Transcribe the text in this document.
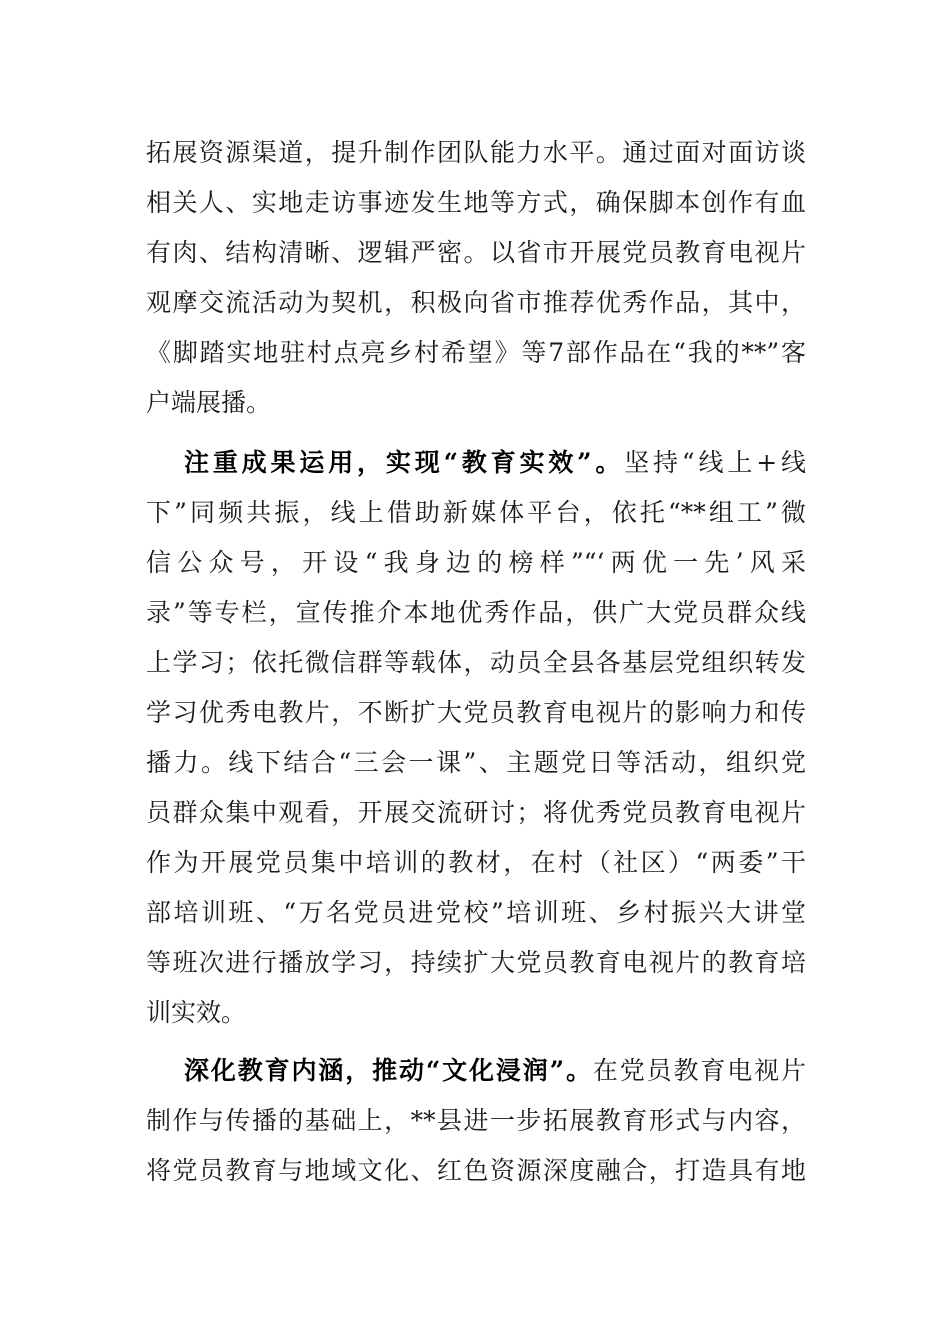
拓展资源渠道，提升制作团队能力水平。通过面对面访谈
相关人、实地走访事迹发生地等方式，确保脚本创作有血
有肉、结构清晰、逻辑严密。以省市开展党员教育电视片
观摩交流活动为契机，积极向省市推荐优秀作品，其中，
《脚踏实地驻村点亮乡村希望》等7部作品在“我的**”客
户端展播。
注重成果运用，实现“教育实效”。坚持“线上+线
下”同频共振，线上借助新媒体平台，依托“**组工”微
信公众号，开设“我身边的榜样”“‘两优一先’风采
录”等专栏，宣传推介本地优秀作品，供广大党员群众线
上学习；依托微信群等载体，动员全县各基层党组织转发
学习优秀电教片，不断扩大党员教育电视片的影响力和传
播力。线下结合“三会一课”、主题党日等活动，组织党
员群众集中观看，开展交流研讨；将优秀党员教育电视片
作为开展党员集中培训的教材，在村（社区）“两委”干
部培训班、“万名党员进党校”培训班、乡村振兴大讲堂
等班次进行播放学习，持续扩大党员教育电视片的教育培
训实效。
深化教育内涵，推动“文化浸润”。在党员教育电视片
制作与传播的基础上，**县进一步拓展教育形式与内容，
将党员教育与地域文化、红色资源深度融合，打造具有地
